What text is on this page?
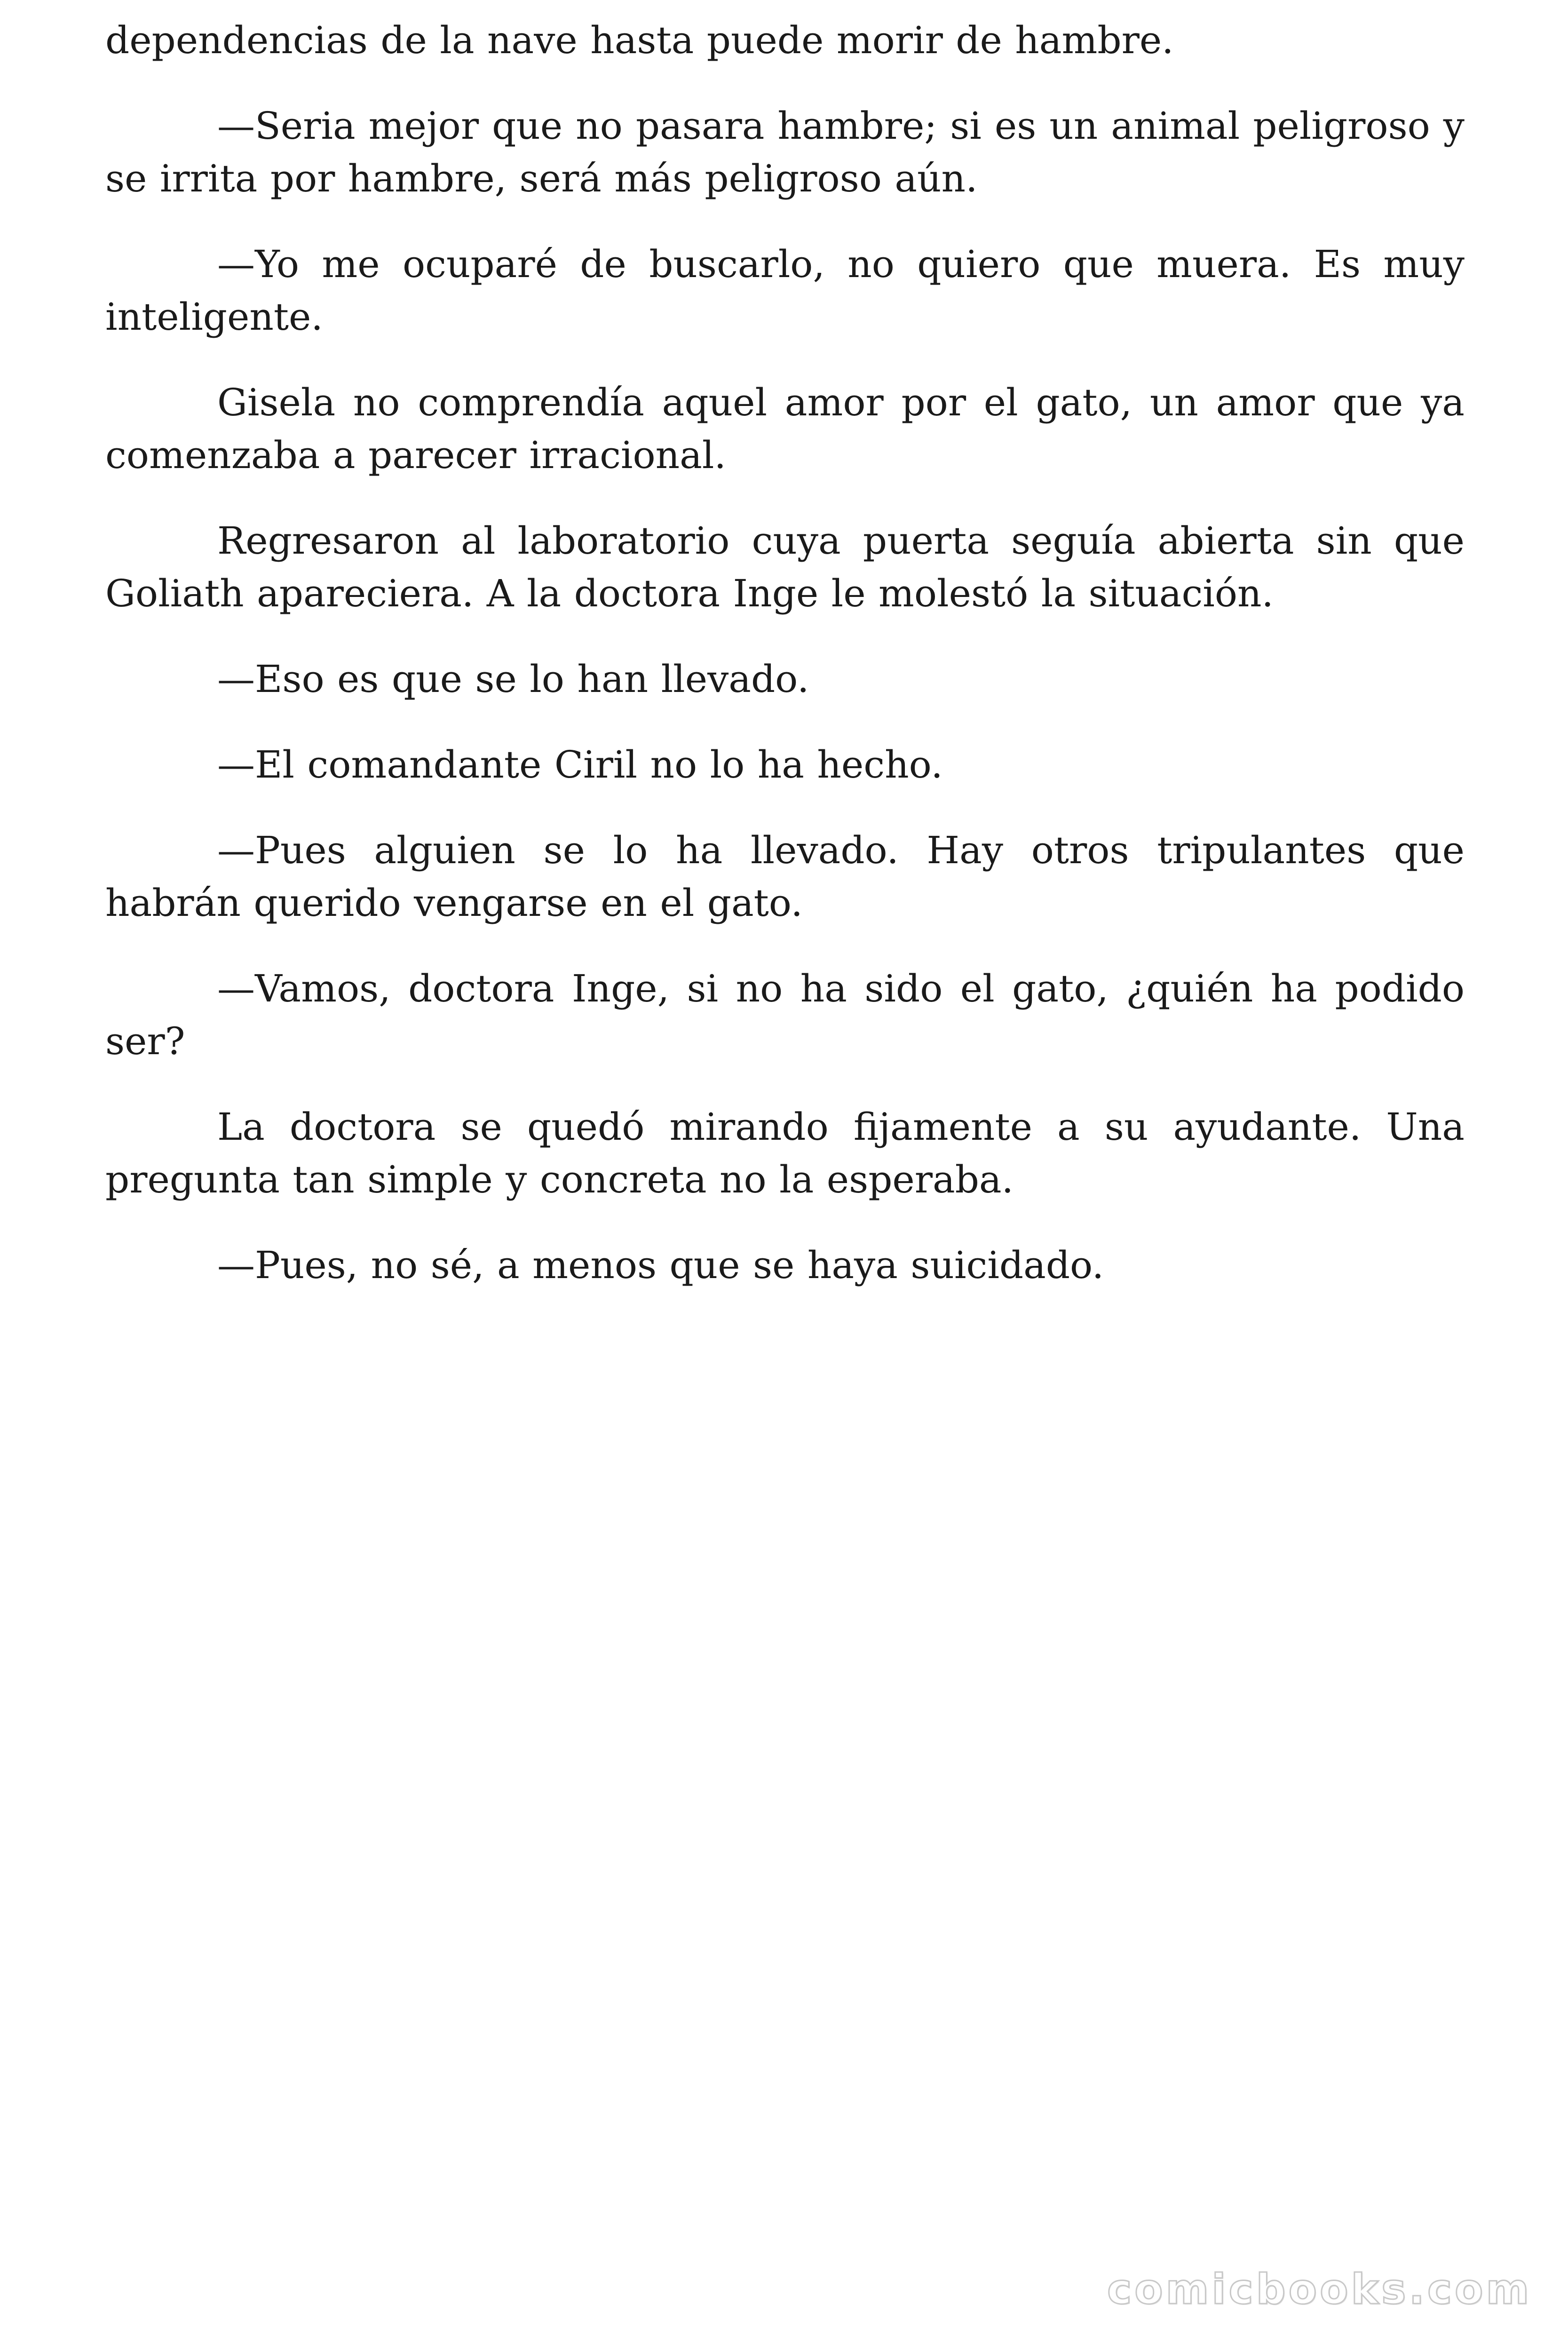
dependencias de la nave hasta puede morir de hambre.

—Seria mejor que no pasara hambre; si es un animal peligroso y se irrita por hambre, será más peligroso aún.

—Yo me ocuparé de buscarlo, no quiero que muera. Es muy inteligente.

Gisela no comprendía aquel amor por el gato, un amor que ya comenzaba a parecer irracional.

Regresaron al laboratorio cuya puerta seguía abierta sin que Goliath apareciera. A la doctora Inge le molestó la situación.

—Eso es que se lo han llevado.

—El comandante Ciril no lo ha hecho.

—Pues alguien se lo ha llevado. Hay otros tripulantes que habrán querido vengarse en el gato.

—Vamos, doctora Inge, si no ha sido el gato, ¿quién ha podido ser?

La doctora se quedó mirando fijamente a su ayudante. Una pregunta tan simple y concreta no la esperaba.

—Pues, no sé, a menos que se haya suicidado.

comicbooks.com
